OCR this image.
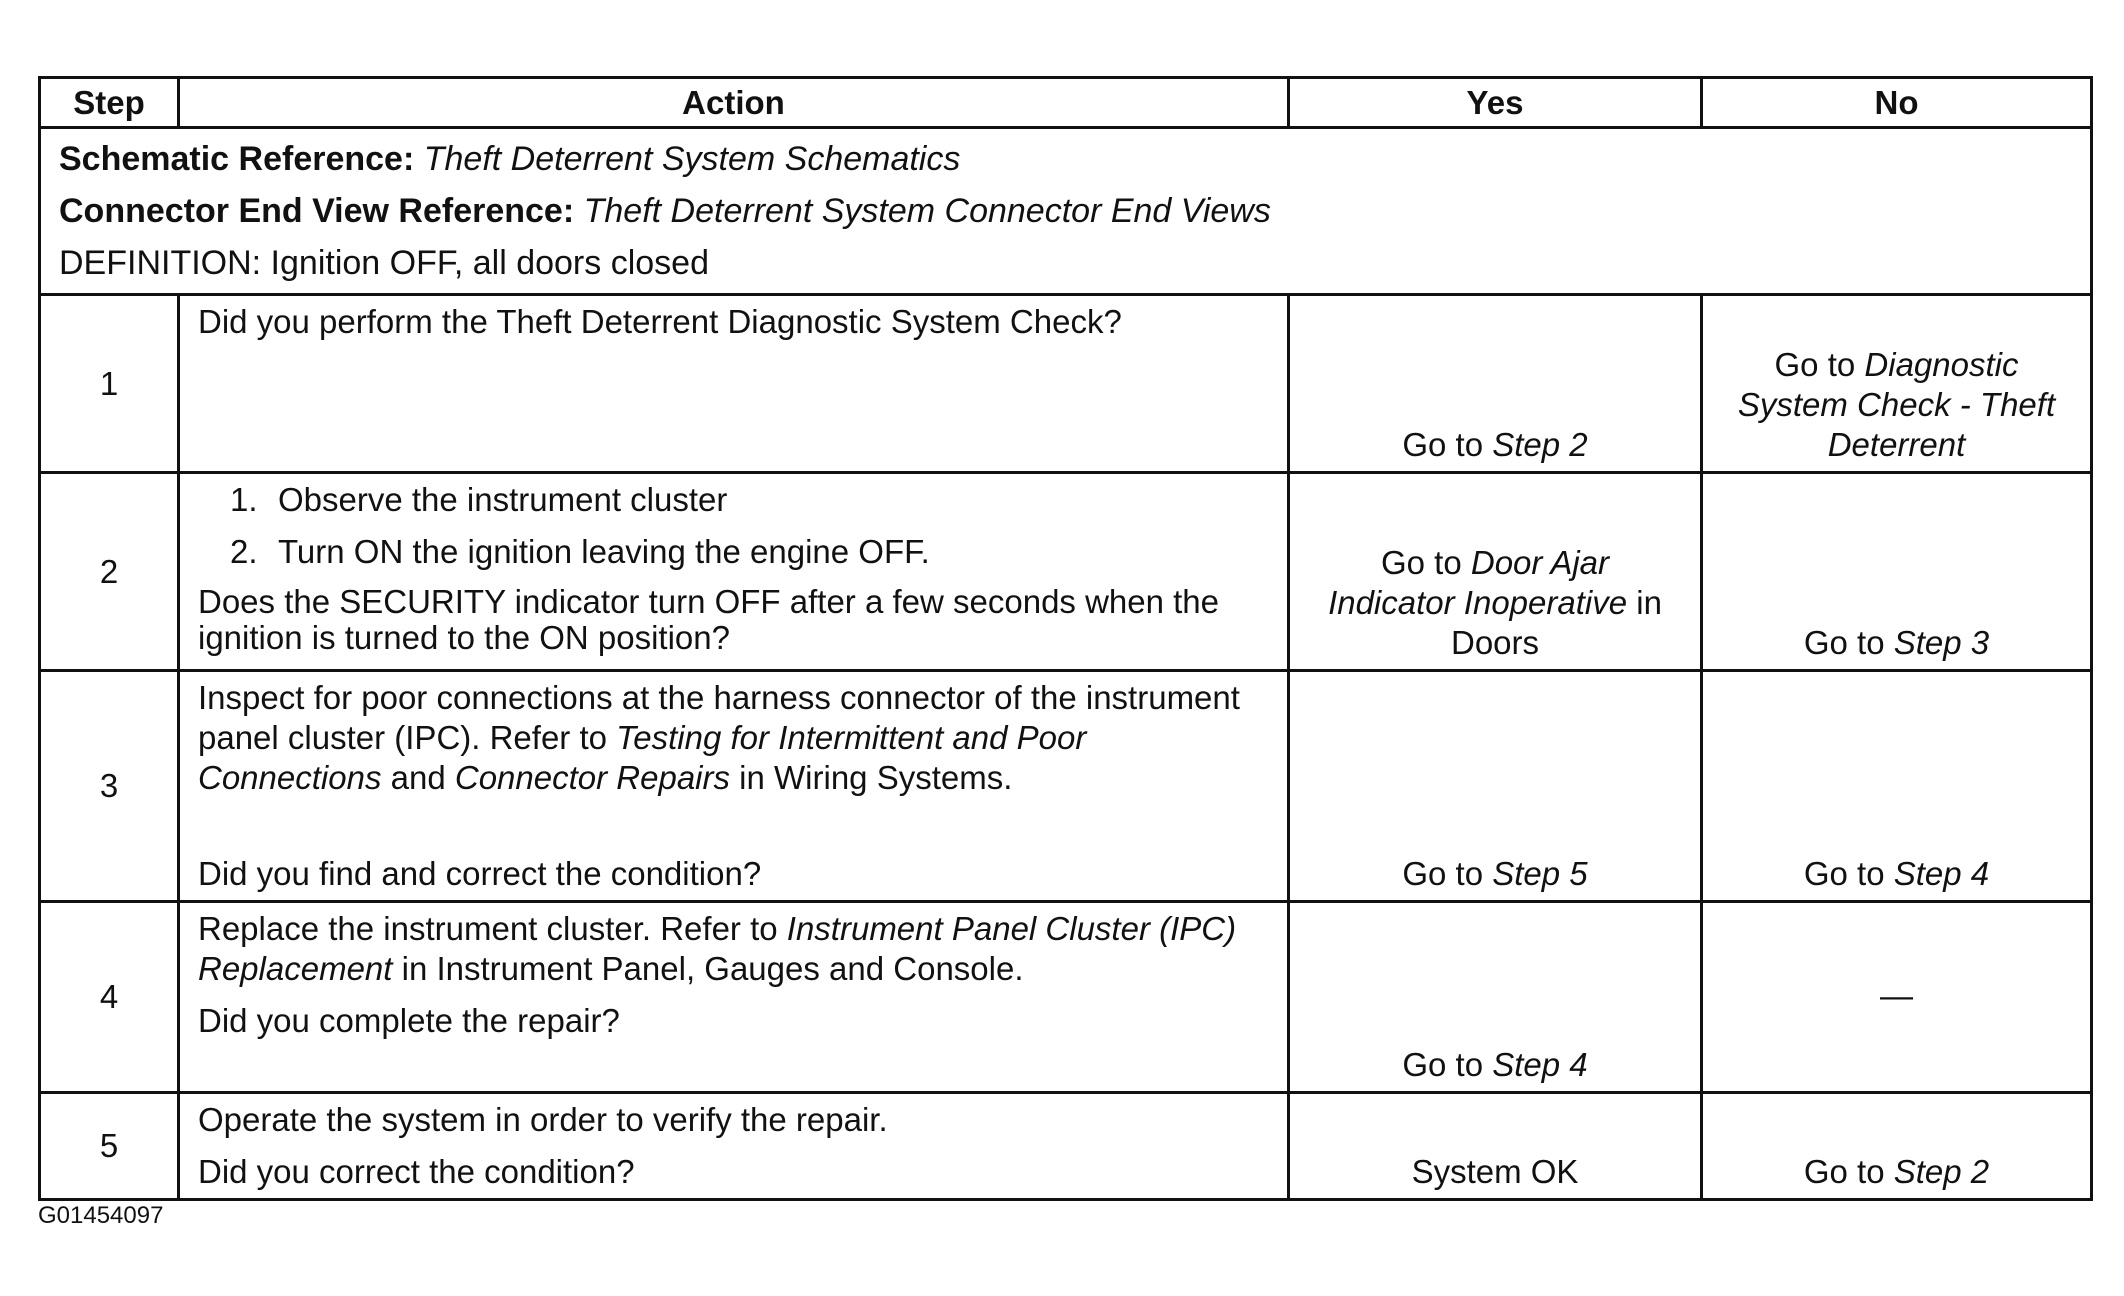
Step	Action	Yes	No

Schematic Reference: Theft Deterrent System Schematics
Connector End View Reference: Theft Deterrent System Connector End Views
DEFINITION: Ignition OFF, all doors closed			

1	Did you perform the Theft Deterrent Diagnostic System Check?	Go to Step 2	Go to Diagnostic System Check - Theft Deterrent

2	1. Observe the instrument cluster
2. Turn ON the ignition leaving the engine OFF.
Does the SECURITY indicator turn OFF after a few seconds when the ignition is turned to the ON position?	Go to Door Ajar Indicator Inoperative in Doors	Go to Step 3
3	Inspect for poor connections at the harness connector of the instrument panel cluster (IPC). Refer to Testing for Intermittent and Poor Connections and Connector Repairs in Wiring Systems.
Did you find and correct the condition?	Go to Step 5	Go to Step 4
4	Replace the instrument cluster. Refer to Instrument Panel Cluster (IPC) Replacement in Instrument Panel, Gauges and Console.
Did you complete the repair?	Go to Step 4	—
5	Operate the system in order to verify the repair.
Did you correct the condition?	System OK	Go to Step 2
G01454097
